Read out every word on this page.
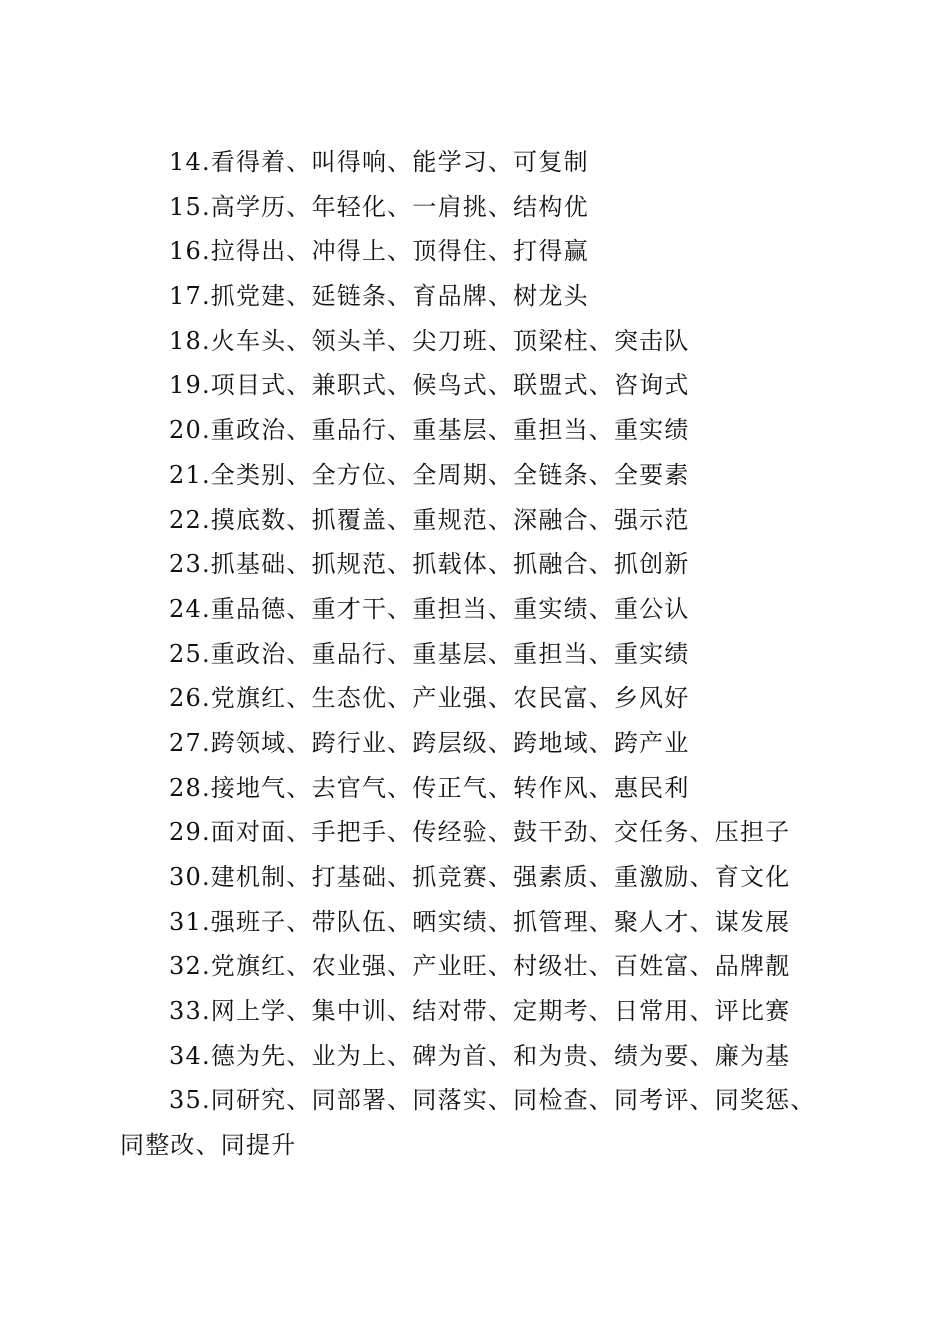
14.看得着、叫得响、能学习、可复制
15.高学历、年轻化、一肩挑、结构优
16.拉得出、冲得上、顶得住、打得赢
17.抓党建、延链条、育品牌、树龙头
18.火车头、领头羊、尖刀班、顶梁柱、突击队
19.项目式、兼职式、候鸟式、联盟式、咨询式
20.重政治、重品行、重基层、重担当、重实绩
21.全类别、全方位、全周期、全链条、全要素
22.摸底数、抓覆盖、重规范、深融合、强示范
23.抓基础、抓规范、抓载体、抓融合、抓创新
24.重品德、重才干、重担当、重实绩、重公认
25.重政治、重品行、重基层、重担当、重实绩
26.党旗红、生态优、产业强、农民富、乡风好
27.跨领域、跨行业、跨层级、跨地域、跨产业
28.接地气、去官气、传正气、转作风、惠民利
29.面对面、手把手、传经验、鼓干劲、交任务、压担子
30.建机制、打基础、抓竞赛、强素质、重激励、育文化
31.强班子、带队伍、晒实绩、抓管理、聚人才、谋发展
32.党旗红、农业强、产业旺、村级壮、百姓富、品牌靓
33.网上学、集中训、结对带、定期考、日常用、评比赛
34.德为先、业为上、碑为首、和为贵、绩为要、廉为基
35.同研究、同部署、同落实、同检查、同考评、同奖惩、同整改、同提升
